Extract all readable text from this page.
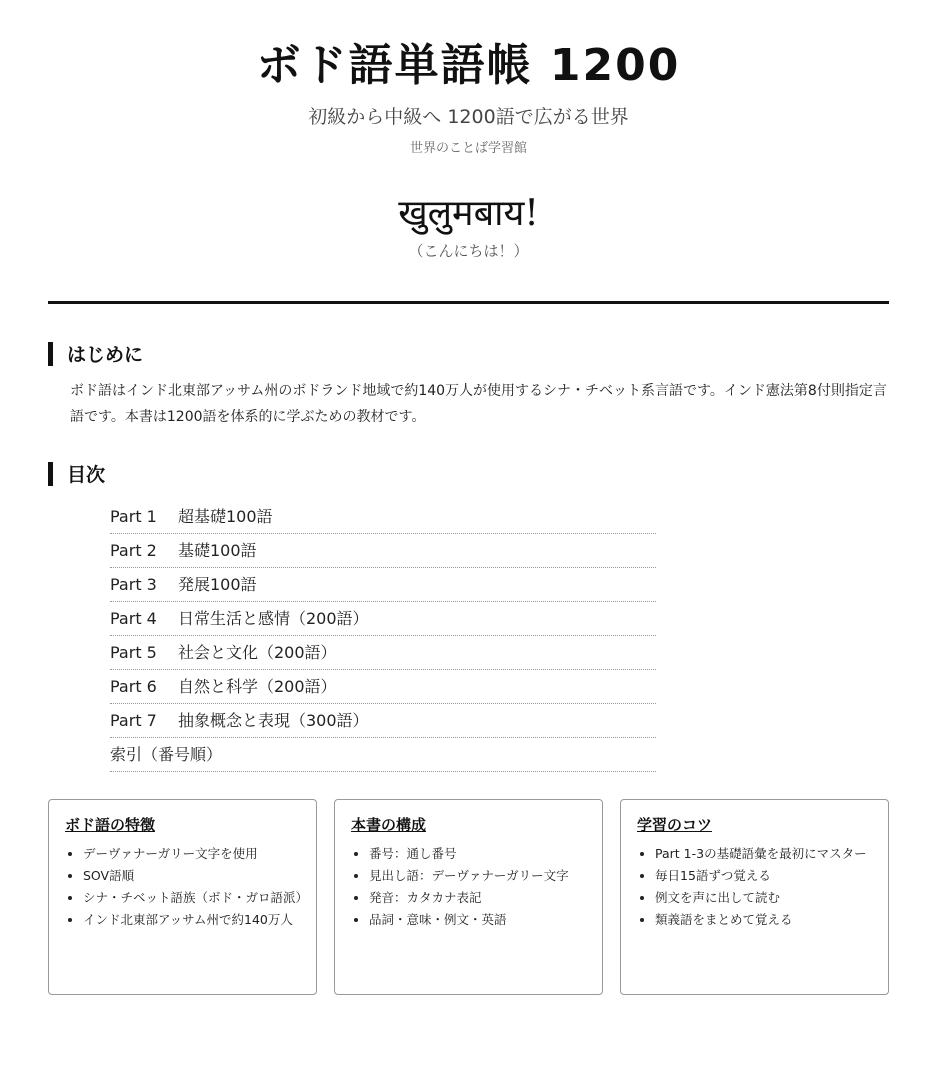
ボド語単語帳 1200
初級から中級へ 1200語で広がる世界
世界のことば学習館
खुलुमबाय!
（こんにちは！）
はじめに
ボド語はインド北東部アッサム州のボドランド地域で約140万人が使用するシナ・チベット系言語です。インド憲法第8付則指定言語です。本書は1200語を体系的に学ぶための教材です。
目次
Part 1 超基礎100語
Part 2 基礎100語
Part 3 発展100語
Part 4 日常生活と感情（200語）
Part 5 社会と文化（200語）
Part 6 自然と科学（200語）
Part 7 抽象概念と表現（300語）
索引（番号順）
ボド語の特徴
• デーヴァナーガリー文字を使用
• SOV語順
• シナ・チベット語族（ボド・ガロ語派）
• インド北東部アッサム州で約140万人
本書の構成
• 番号：通し番号
• 見出し語：デーヴァナーガリー文字
• 発音：カタカナ表記
• 品詞・意味・例文・英語
学習のコツ
• Part 1-3の基礎語彙を最初にマスター
• 毎日15語ずつ覚える
• 例文を声に出して読む
• 類義語をまとめて覚える
